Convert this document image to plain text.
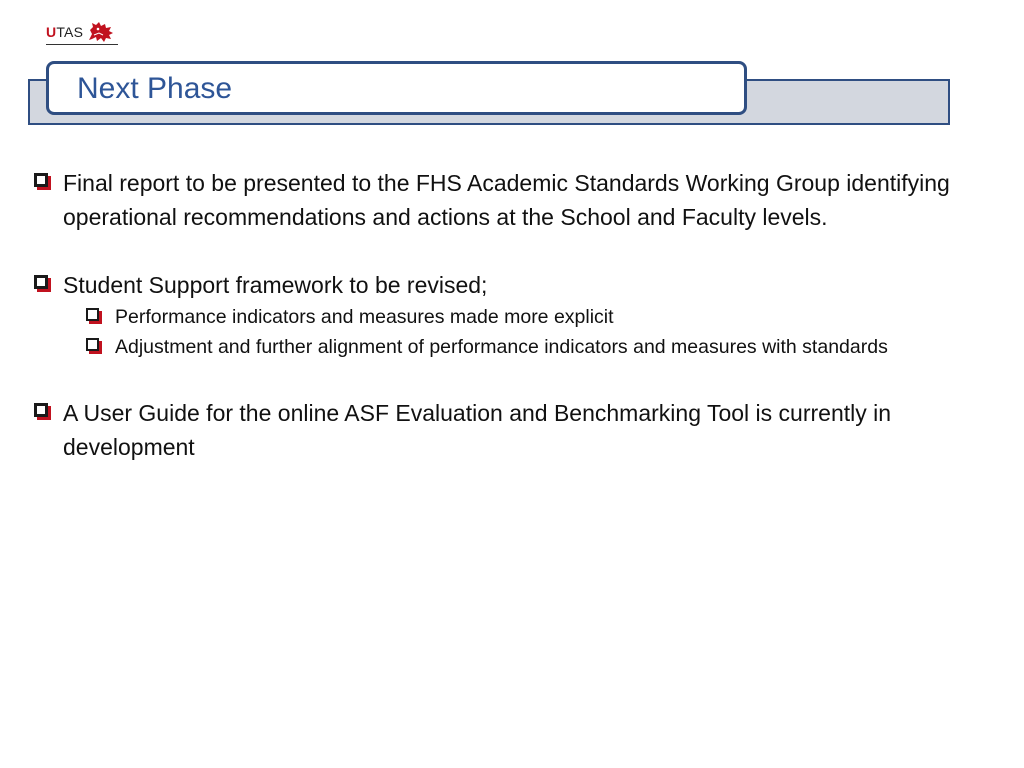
UTAS
Next Phase
Final report to be presented to the FHS Academic Standards Working Group identifying operational recommendations and actions at the School and Faculty levels.
Student Support framework to be revised;
Performance indicators and measures made more explicit
Adjustment and further alignment of performance indicators and measures with standards
A User Guide for the online ASF Evaluation and Benchmarking Tool is currently in development
